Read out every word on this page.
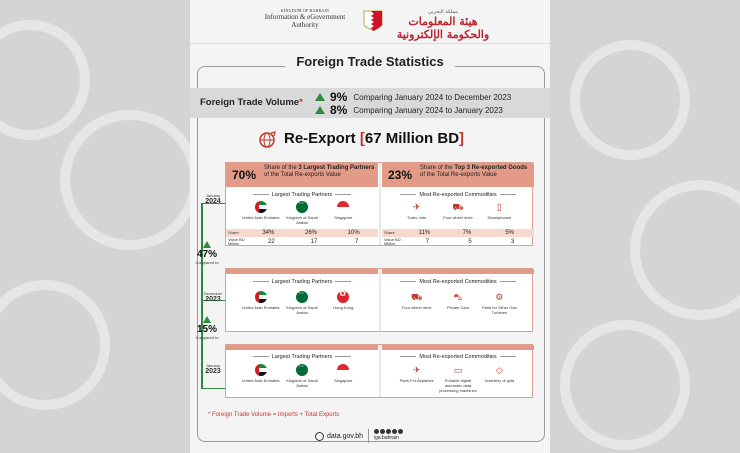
KINGDOM OF BAHRAIN
Information & eGovernment
Authority
مملكة البحرين
هيئة المعلومات والحكومة الإلكترونية
Foreign Trade Statistics
Foreign Trade Volume* 9% Comparing January 2024 to December 2023
8% Comparing January 2024 to January 2023
Re-Export [67 Million BD]
47%
Compared to
15%
Compared to
January
2024
70% Share of the 3 Largest Trading Partners of the Total Re-exports Value
Largest Trading Partners
United Arab Emirates
~~	Kingdom of Saudi Arabia
Singapore
Share	34%	26%	10%
Value BD Million	22	17	7
23% Share of the Top 3 Re-exported Goods of the Total Re-exports Value
Most Re-exported Commodities
✈
Turbo-Jets
⛟
Four wheel drive
▯
Smartphones
Share	11%	7%	5%
Value BD Million	7	5	3
December
2023
Largest Trading Partners
United Arab Emirates
~~	Kingdom of Saudi Arabia
✿
Hong Kong
Most Re-exported Commodities
⛟
Four wheel drive
⛍
Private Cars
⚙
Parts for Other Gas Turbines
January
2023
Largest Trading Partners
United Arab Emirates
~~	Kingdom of Saudi Arabia
Singapore
Most Re-exported Commodities
✈
Parts For Airplanes
▭
Portable digital automatic data processing machines
◇
Jewellery of gold
* Foreign Trade Volume = Imports + Total Exports
data.gov.bh iga.bahrain
